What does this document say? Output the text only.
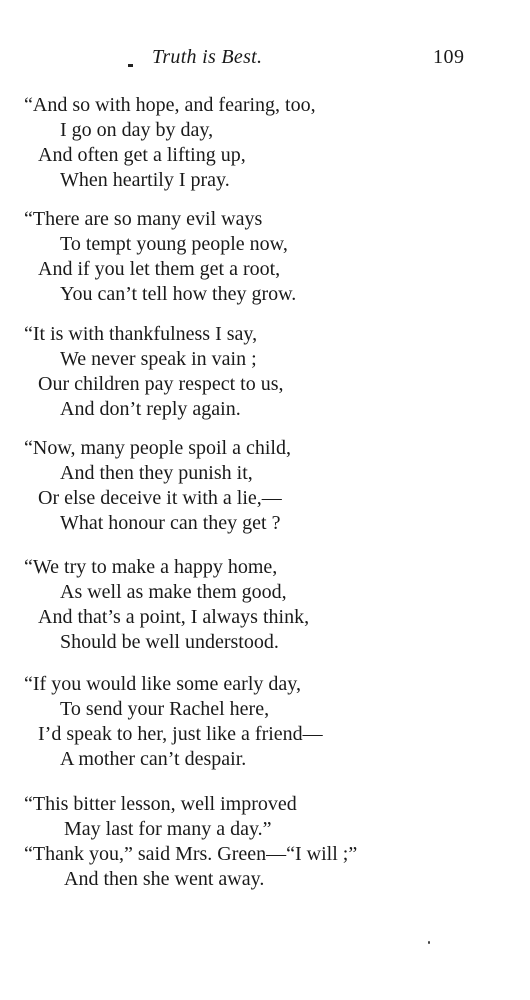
Truth is Best.	109
“And so with hope, and fearing, too,
I go on day by day,
And often get a lifting up,
When heartily I pray.
“There are so many evil ways
To tempt young people now,
And if you let them get a root,
You can’t tell how they grow.
“It is with thankfulness I say,
We never speak in vain ;
Our children pay respect to us,
And don’t reply again.
“Now, many people spoil a child,
And then they punish it,
Or else deceive it with a lie,—
What honour can they get ?
“We try to make a happy home,
As well as make them good,
And that’s a point, I always think,
Should be well understood.
“If you would like some early day,
To send your Rachel here,
I’d speak to her, just like a friend—
A mother can’t despair.
“This bitter lesson, well improved
May last for many a day.”
“Thank you,” said Mrs. Green—“I will ;”
And then she went away.
